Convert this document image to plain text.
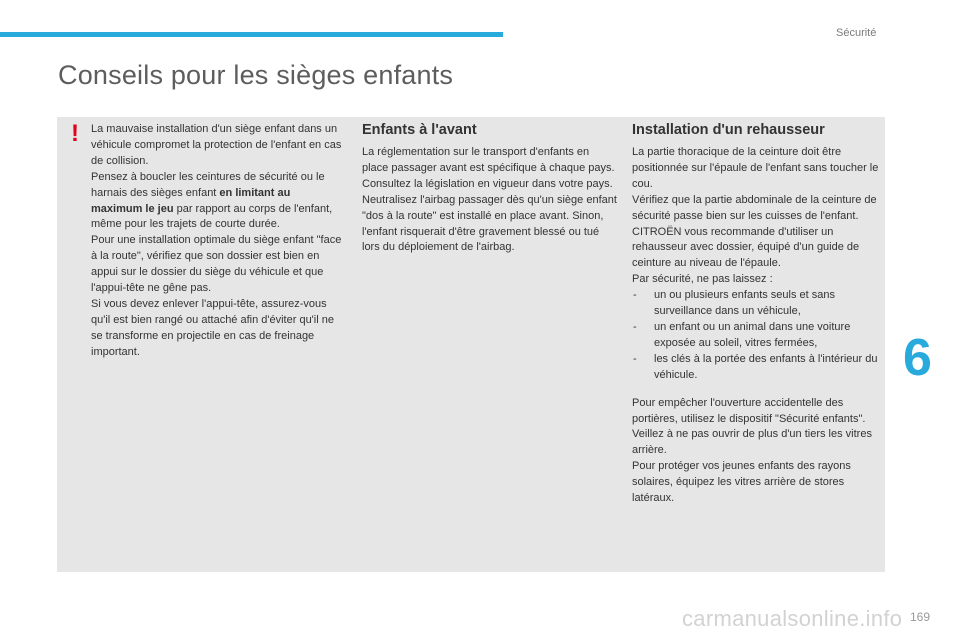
Sécurité
Conseils pour les sièges enfants
! La mauvaise installation d'un siège enfant dans un véhicule compromet la protection de l'enfant en cas de collision.

Pensez à boucler les ceintures de sécurité ou le harnais des sièges enfant en limitant au maximum le jeu par rapport au corps de l'enfant, même pour les trajets de courte durée.

Pour une installation optimale du siège enfant "face à la route", vérifiez que son dossier est bien en appui sur le dossier du siège du véhicule et que l'appui-tête ne gêne pas.

Si vous devez enlever l'appui-tête, assurez-vous qu'il est bien rangé ou attaché afin d'éviter qu'il ne se transforme en projectile en cas de freinage important.

Enfants à l'avant

La réglementation sur le transport d'enfants en place passager avant est spécifique à chaque pays. Consultez la législation en vigueur dans votre pays.

Neutralisez l'airbag passager dès qu'un siège enfant "dos à la route" est installé en place avant. Sinon, l'enfant risquerait d'être gravement blessé ou tué lors du déploiement de l'airbag.

Installation d'un rehausseur

La partie thoracique de la ceinture doit être positionnée sur l'épaule de l'enfant sans toucher le cou.

Vérifiez que la partie abdominale de la ceinture de sécurité passe bien sur les cuisses de l'enfant.

CITROËN vous recommande d'utiliser un rehausseur avec dossier, équipé d'un guide de ceinture au niveau de l'épaule.

Par sécurité, ne pas laissez :

- un ou plusieurs enfants seuls et sans surveillance dans un véhicule,
- un enfant ou un animal dans une voiture exposée au soleil, vitres fermées,
- les clés à la portée des enfants à l'intérieur du véhicule.

Pour empêcher l'ouverture accidentelle des portières, utilisez le dispositif "Sécurité enfants".

Veillez à ne pas ouvrir de plus d'un tiers les vitres arrière.

Pour protéger vos jeunes enfants des rayons solaires, équipez les vitres arrière de stores latéraux.

6
carmanualsonline.info 169
